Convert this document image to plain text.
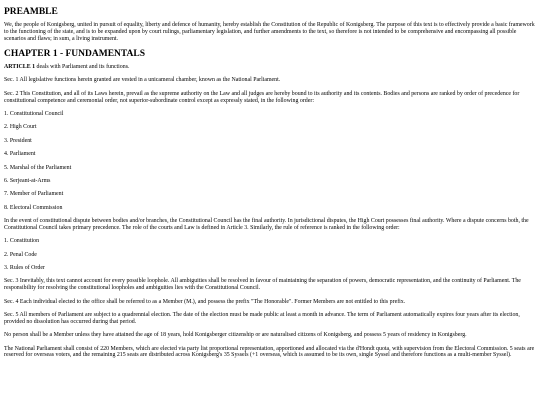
PREAMBLE

We, the people of Konigsberg, united in pursuit of equality, liberty and defence of humanity, hereby establish the Constitution of the Republic of Konigsberg. The purpose of this text is to effectively provide a basic framework to the functioning of the state, and is to be expanded upon by court rulings, parliamentary legislation, and further amendments to the text, so therefore is not intended to be comprehensive and encompassing all possible scenarios and flaws; in sum, a living instrument.

CHAPTER 1 - FUNDAMENTALS

ARTICLE 1 deals with Parliament and its functions.

Sec. 1 All legislative functions herein granted are vested in a unicameral chamber, known as the National Parliament.

Sec. 2 This Constitution, and all of its Laws herein, prevail as the supreme authority on the Law and all judges are hereby bound to its authority and its contents. Bodies and persons are ranked by order of precedence for constitutional competence and ceremonial order, not superior-subordinate control except as expressly stated, in the following order:

1. Constitutional Council
2. High Court
3. President
4. Parliament
5. Marshal of the Parliament
6. Serjeant-at-Arms
7. Member of Parliament
8. Electoral Commission

In the event of constitutional dispute between bodies and/or branches, the Constitutional Council has the final authority. In jurisdictional disputes, the High Court possesses final authority. Where a dispute concerns both, the Constitutional Council takes primary precedence. The role of the courts and Law is defined in Article 3. Similarly, the rule of reference is ranked in the following order:

1. Constitution
2. Penal Code
3. Rules of Order

Sec. 3 Inevitably, this text cannot account for every possible loophole. All ambiguities shall be resolved in favour of maintaining the separation of powers, democratic representation, and the continuity of Parliament. The responsibility for resolving the constitutional loopholes and ambiguities lies with the Constitutional Council.

Sec. 4 Each individual elected to the office shall be referred to as a Member (M.), and possess the prefix "The Honorable". Former Members are not entitled to this prefix.

Sec. 5 All members of Parliament are subject to a quadrennial election. The date of the election must be made public at least a month in advance. The term of Parliament automatically expires four years after its election, provided no dissolution has occurred during that period.

No person shall be a Member unless they have attained the age of 18 years, hold Konigsberger citizenship or are naturalised citizens of Konigsberg, and possess 5 years of residency in Konigsberg.

The National Parliament shall consist of 220 Members, which are elected via party list proportional representation, apportioned and allocated via the d'Hondt quota, with supervision from the Electoral Commission. 5 seats are reserved for overseas voters, and the remaining 215 seats are distributed across Konigsberg's 35 Syssels (+1 overseas, which is assumed to be its own, single Syssel and therefore functions as a multi-member Syssel).
